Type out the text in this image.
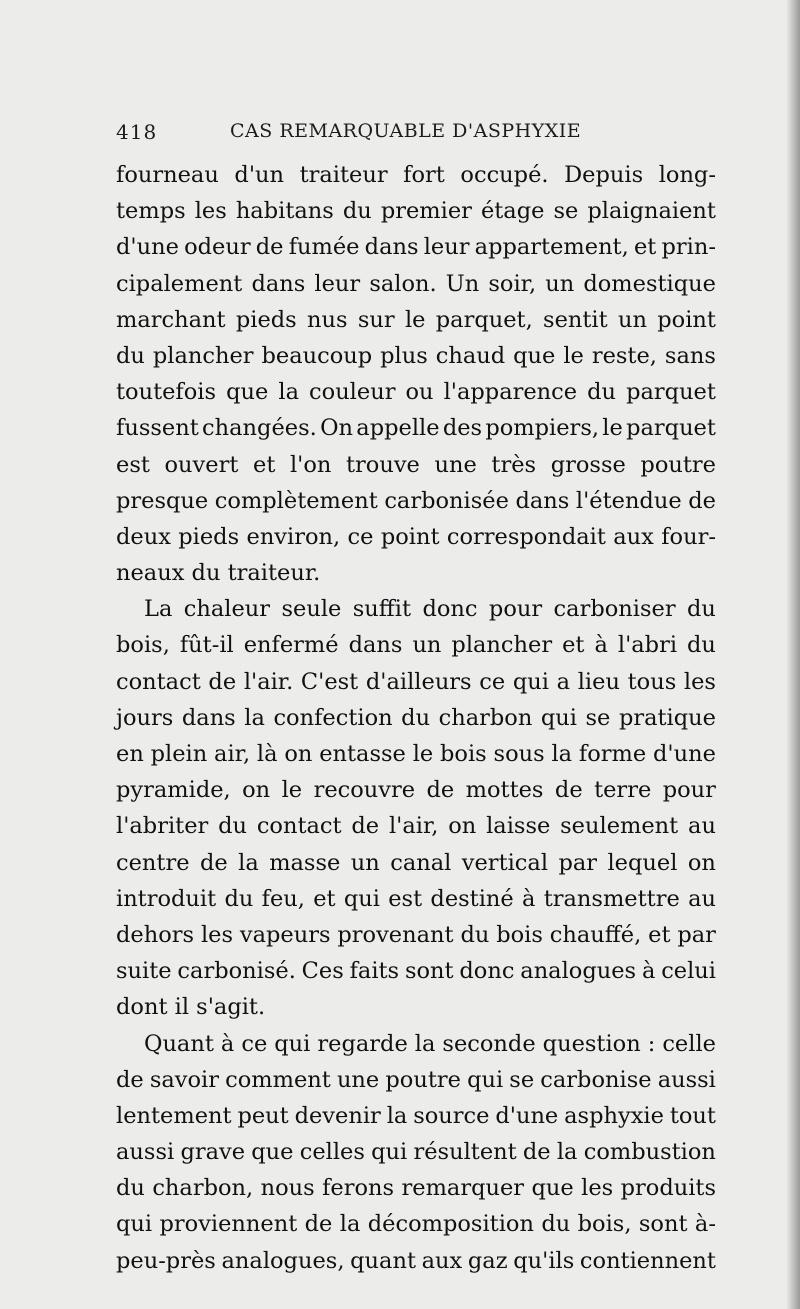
418	CAS REMARQUABLE D'ASPHYXIE
fourneau d'un traiteur fort occupé. Depuis long-
temps les habitans du premier étage se plaignaient
d'une odeur de fumée dans leur appartement, et prin-
cipalement dans leur salon. Un soir, un domestique
marchant pieds nus sur le parquet, sentit un point
du plancher beaucoup plus chaud que le reste, sans
toutefois que la couleur ou l'apparence du parquet
fussent changées. On appelle des pompiers, le parquet
est ouvert et l'on trouve une très grosse poutre
presque complètement carbonisée dans l'étendue de
deux pieds environ, ce point correspondait aux four-
neaux du traiteur.
La chaleur seule suffit donc pour carboniser du
bois, fût-il enfermé dans un plancher et à l'abri du
contact de l'air. C'est d'ailleurs ce qui a lieu tous les
jours dans la confection du charbon qui se pratique
en plein air, là on entasse le bois sous la forme d'une
pyramide, on le recouvre de mottes de terre pour
l'abriter du contact de l'air, on laisse seulement au
centre de la masse un canal vertical par lequel on
introduit du feu, et qui est destiné à transmettre au
dehors les vapeurs provenant du bois chauffé, et par
suite carbonisé. Ces faits sont donc analogues à celui
dont il s'agit.
Quant à ce qui regarde la seconde question : celle
de savoir comment une poutre qui se carbonise aussi
lentement peut devenir la source d'une asphyxie tout
aussi grave que celles qui résultent de la combustion
du charbon, nous ferons remarquer que les produits
qui proviennent de la décomposition du bois, sont à-
peu-près analogues, quant aux gaz qu'ils contiennent
